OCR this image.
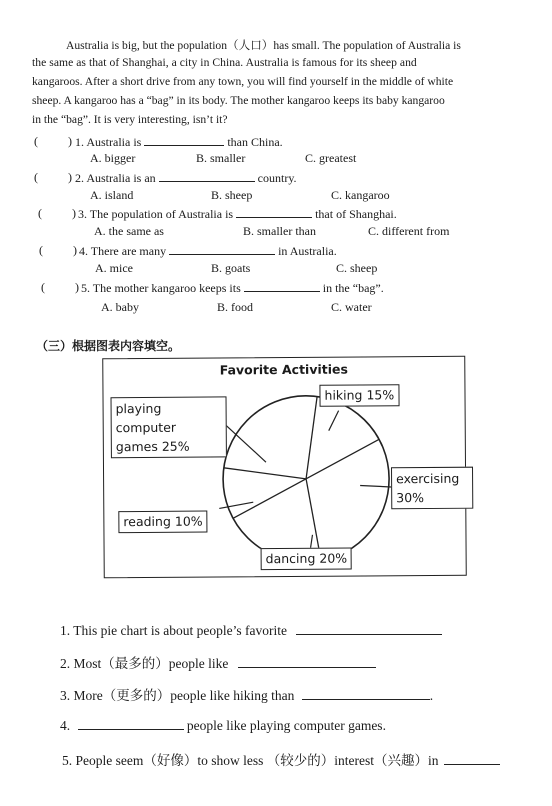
Australia is big, but the population（人口）has small. The population of Australia is
the same as that of Shanghai, a city in China. Australia is famous for its sheep and
kangaroos. After a short drive from any town, you will find yourself in the middle of white
sheep. A kangaroo has a “bag” in its body. The mother kangaroo keeps its baby kangaroo
in the “bag”. It is very interesting, isn’t it?
(	) 1. Australia is	than China.
A. bigger	B. smaller	C. greatest
(	) 2. Australia is an	country.
A. island	B. sheep	C. kangaroo
(	) 3. The population of Australia is	that of Shanghai.
A. the same as	B. smaller than	C. different from
(	) 4. There are many	in Australia.
A. mice	B. goats	C. sheep
(	) 5. The mother kangaroo keeps its	in the “bag”.
A. baby	B. food	C. water
（三）根据图表内容填空。
Favorite Activities
hiking 15%
exercising 30%
dancing 20%
reading 10%
playing computer games 25%
1. This pie chart is about people’s favorite
2. Most（最多的）people like
3. More（更多的）people like hiking than	.
4.	people like playing computer games.
5. People seem（好像）to show less （较少的）interest（兴趣）in
